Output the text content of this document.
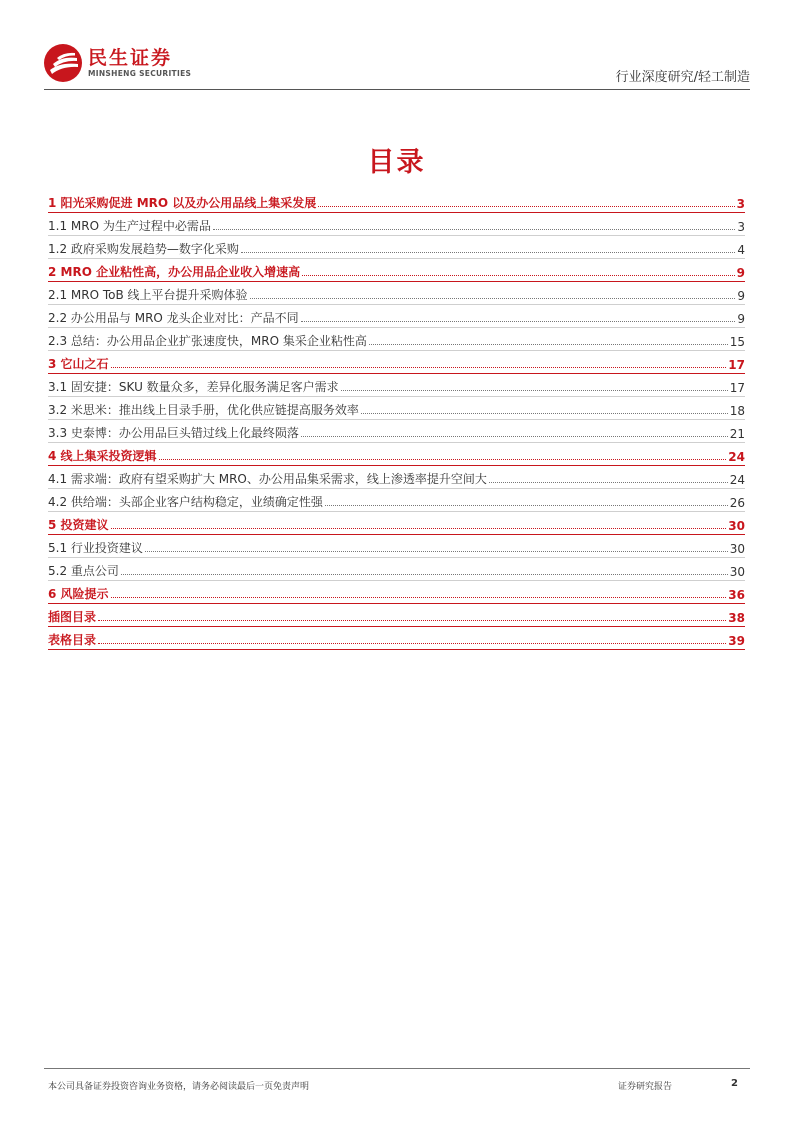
民生证券
MINSHENG SECURITIES	行业深度研究/轻工制造
目录
1 阳光采购促进 MRO 以及办公用品线上集采发展	3
1.1 MRO 为生产过程中必需品	3
1.2 政府采购发展趋势—数字化采购	4
2 MRO 企业粘性高，办公用品企业收入增速高	9
2.1 MRO ToB 线上平台提升采购体验	9
2.2 办公用品与 MRO 龙头企业对比：产品不同	9
2.3 总结：办公用品企业扩张速度快，MRO 集采企业粘性高	15
3 它山之石	17
3.1 固安捷：SKU 数量众多，差异化服务满足客户需求	17
3.2 米思米：推出线上目录手册，优化供应链提高服务效率	18
3.3 史泰博：办公用品巨头错过线上化最终陨落	21
4 线上集采投资逻辑	24
4.1 需求端：政府有望采购扩大 MRO、办公用品集采需求，线上渗透率提升空间大	24
4.2 供给端：头部企业客户结构稳定，业绩确定性强	26
5 投资建议	30
5.1 行业投资建议	30
5.2 重点公司	30
6 风险提示	36
插图目录	38
表格目录	39
本公司具备证券投资咨询业务资格，请务必阅读最后一页免责声明	证券研究报告	2
